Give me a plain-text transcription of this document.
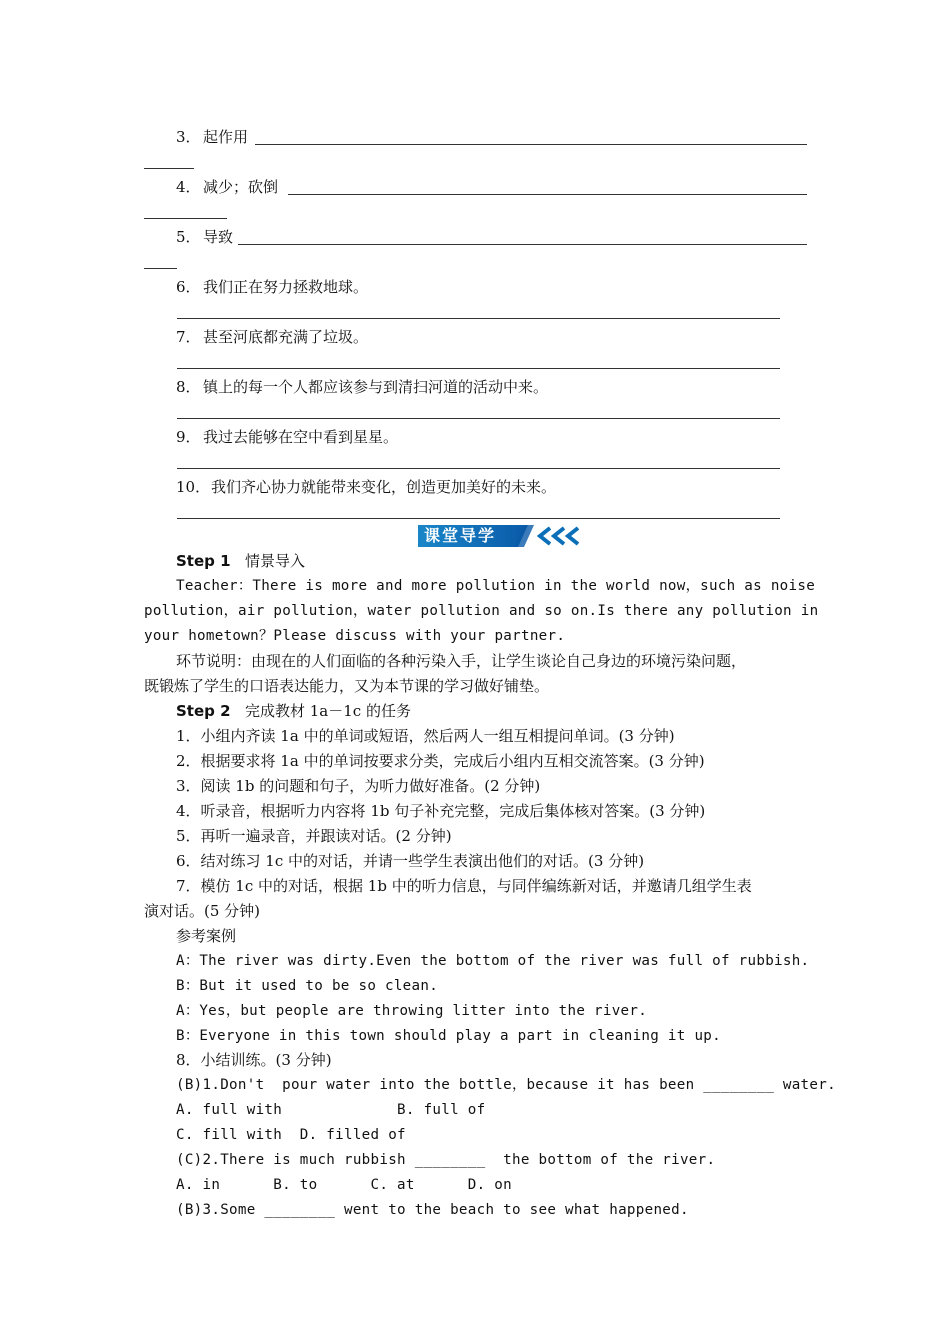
3． 起作用
4． 减少；砍倒
5． 导致
6． 我们正在努力拯救地球。
7． 甚至河底都充满了垃圾。
8． 镇上的每一个人都应该参与到清扫河道的活动中来。
9． 我过去能够在空中看到星星。
10． 我们齐心协力就能带来变化，创造更加美好的未来。
课堂导学
Step 1 情景导入
Teacher：There is more and more pollution in the world now，such as noise
pollution，air pollution，water pollution and so on.Is there any pollution in
your hometown？Please discuss with your partner.
环节说明：由现在的人们面临的各种污染入手，让学生谈论自己身边的环境污染问题，
既锻炼了学生的口语表达能力，又为本节课的学习做好铺垫。
Step 2 完成教材 1a－1c 的任务
1．小组内齐读 1a 中的单词或短语，然后两人一组互相提问单词。(3 分钟)
2．根据要求将 1a 中的单词按要求分类，完成后小组内互相交流答案。(3 分钟)
3．阅读 1b 的问题和句子，为听力做好准备。(2 分钟)
4．听录音，根据听力内容将 1b 句子补充完整，完成后集体核对答案。(3 分钟)
5．再听一遍录音，并跟读对话。(2 分钟)
6．结对练习 1c 中的对话，并请一些学生表演出他们的对话。(3 分钟)
7．模仿 1c 中的对话，根据 1b 中的听力信息，与同伴编练新对话，并邀请几组学生表
演对话。(5 分钟)
参考案例
A：The river was dirty.Even the bottom of the river was full of rubbish.
B：But it used to be so clean.
A：Yes，but people are throwing litter into the river.
B：Everyone in this town should play a part in cleaning it up.
8．小结训练。(3 分钟)
(B)1.Don't  pour water into the bottle，because it has been ________ water.
A. full with             B. full of
C. fill with  D. filled of
(C)2.There is much rubbish ________  the bottom of the river.
A. in      B. to      C. at      D. on
(B)3.Some ________ went to the beach to see what happened.
